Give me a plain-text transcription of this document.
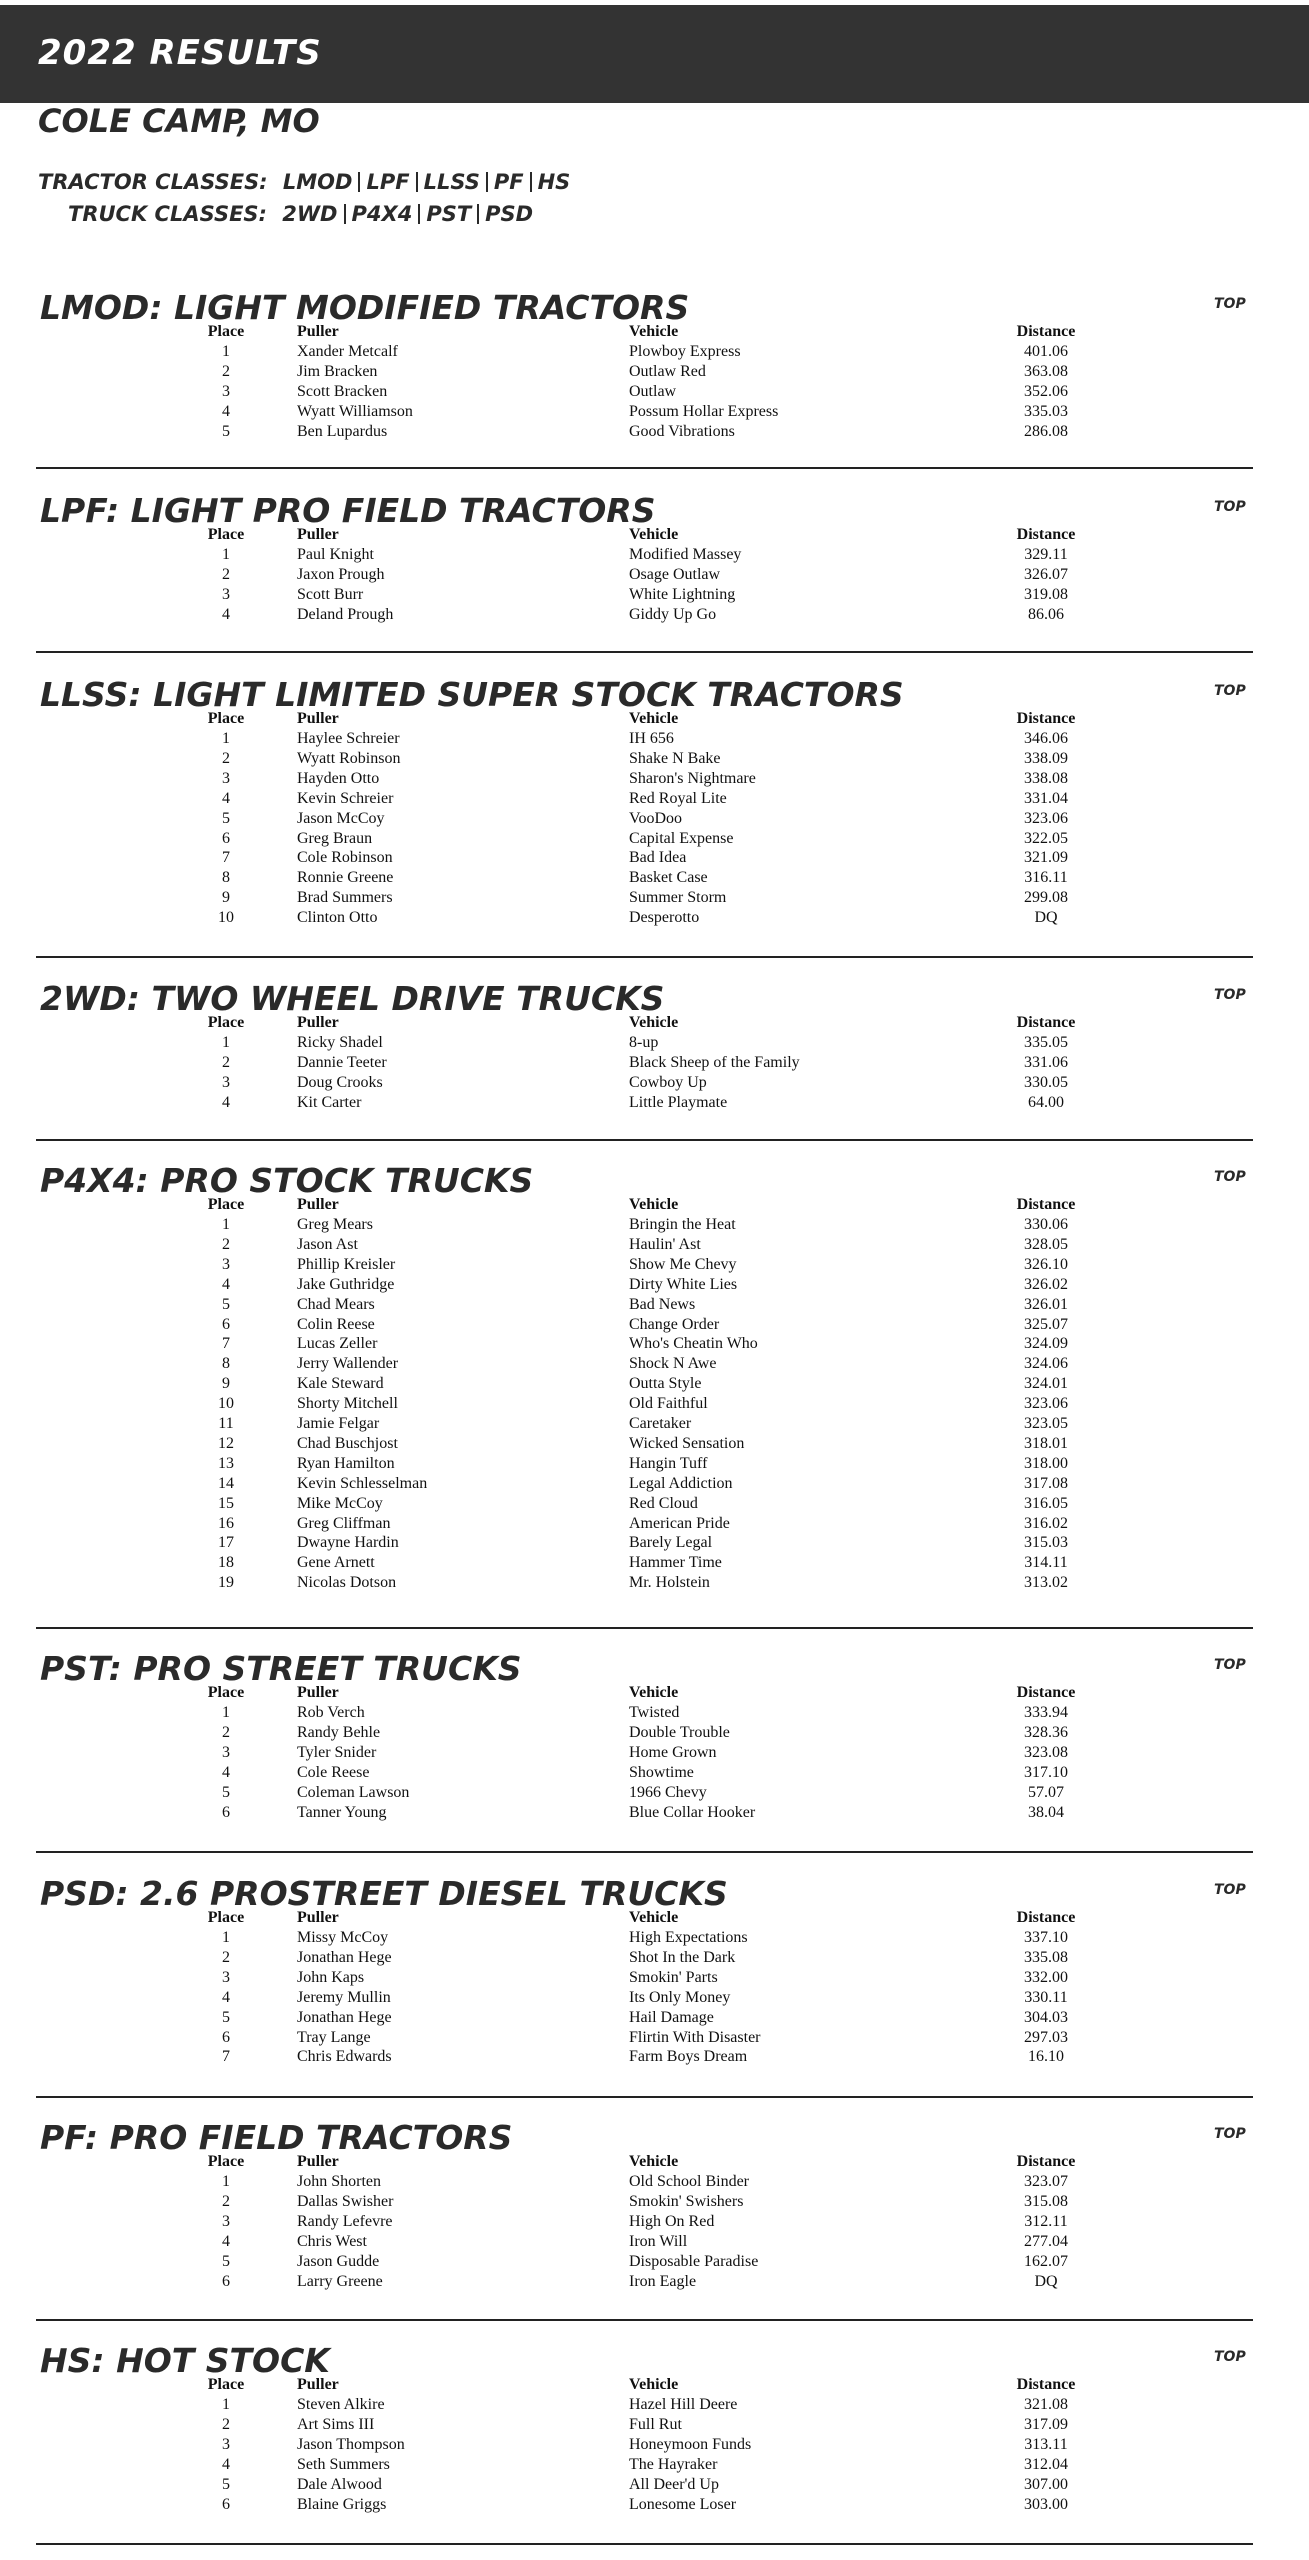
2022 RESULTS
COLE CAMP, MO
TRACTOR CLASSES: LMOD LPF LLSS PF HS
TRUCK CLASSES: 2WD P4X4 PST PSD
LMOD: LIGHT MODIFIED TRACTORS	TOP
Place	Puller	Vehicle	Distance
1	Xander Metcalf	Plowboy Express	401.06
2	Jim Bracken	Outlaw Red	363.08
3	Scott Bracken	Outlaw	352.06
4	Wyatt Williamson	Possum Hollar Express	335.03
5	Ben Lupardus	Good Vibrations	286.08
LPF: LIGHT PRO FIELD TRACTORS	TOP
Place	Puller	Vehicle	Distance
1	Paul Knight	Modified Massey	329.11
2	Jaxon Prough	Osage Outlaw	326.07
3	Scott Burr	White Lightning	319.08
4	Deland Prough	Giddy Up Go	86.06
LLSS: LIGHT LIMITED SUPER STOCK TRACTORS	TOP
Place	Puller	Vehicle	Distance
1	Haylee Schreier	IH 656	346.06
2	Wyatt Robinson	Shake N Bake	338.09
3	Hayden Otto	Sharon's Nightmare	338.08
4	Kevin Schreier	Red Royal Lite	331.04
5	Jason McCoy	VooDoo	323.06
6	Greg Braun	Capital Expense	322.05
7	Cole Robinson	Bad Idea	321.09
8	Ronnie Greene	Basket Case	316.11
9	Brad Summers	Summer Storm	299.08
10	Clinton Otto	Desperotto	DQ
2WD: TWO WHEEL DRIVE TRUCKS	TOP
Place	Puller	Vehicle	Distance
1	Ricky Shadel	8-up	335.05
2	Dannie Teeter	Black Sheep of the Family	331.06
3	Doug Crooks	Cowboy Up	330.05
4	Kit Carter	Little Playmate	64.00
P4X4: PRO STOCK TRUCKS	TOP
Place	Puller	Vehicle	Distance
1	Greg Mears	Bringin the Heat	330.06
2	Jason Ast	Haulin' Ast	328.05
3	Phillip Kreisler	Show Me Chevy	326.10
4	Jake Guthridge	Dirty White Lies	326.02
5	Chad Mears	Bad News	326.01
6	Colin Reese	Change Order	325.07
7	Lucas Zeller	Who's Cheatin Who	324.09
8	Jerry Wallender	Shock N Awe	324.06
9	Kale Steward	Outta Style	324.01
10	Shorty Mitchell	Old Faithful	323.06
11	Jamie Felgar	Caretaker	323.05
12	Chad Buschjost	Wicked Sensation	318.01
13	Ryan Hamilton	Hangin Tuff	318.00
14	Kevin Schlesselman	Legal Addiction	317.08
15	Mike McCoy	Red Cloud	316.05
16	Greg Cliffman	American Pride	316.02
17	Dwayne Hardin	Barely Legal	315.03
18	Gene Arnett	Hammer Time	314.11
19	Nicolas Dotson	Mr. Holstein	313.02
PST: PRO STREET TRUCKS	TOP
Place	Puller	Vehicle	Distance
1	Rob Verch	Twisted	333.94
2	Randy Behle	Double Trouble	328.36
3	Tyler Snider	Home Grown	323.08
4	Cole Reese	Showtime	317.10
5	Coleman Lawson	1966 Chevy	57.07
6	Tanner Young	Blue Collar Hooker	38.04
PSD: 2.6 PROSTREET DIESEL TRUCKS	TOP
Place	Puller	Vehicle	Distance
1	Missy McCoy	High Expectations	337.10
2	Jonathan Hege	Shot In the Dark	335.08
3	John Kaps	Smokin' Parts	332.00
4	Jeremy Mullin	Its Only Money	330.11
5	Jonathan Hege	Hail Damage	304.03
6	Tray Lange	Flirtin With Disaster	297.03
7	Chris Edwards	Farm Boys Dream	16.10
PF: PRO FIELD TRACTORS	TOP
Place	Puller	Vehicle	Distance
1	John Shorten	Old School Binder	323.07
2	Dallas Swisher	Smokin' Swishers	315.08
3	Randy Lefevre	High On Red	312.11
4	Chris West	Iron Will	277.04
5	Jason Gudde	Disposable Paradise	162.07
6	Larry Greene	Iron Eagle	DQ
HS: HOT STOCK	TOP
Place	Puller	Vehicle	Distance
1	Steven Alkire	Hazel Hill Deere	321.08
2	Art Sims III	Full Rut	317.09
3	Jason Thompson	Honeymoon Funds	313.11
4	Seth Summers	The Hayraker	312.04
5	Dale Alwood	All Deer'd Up	307.00
6	Blaine Griggs	Lonesome Loser	303.00
